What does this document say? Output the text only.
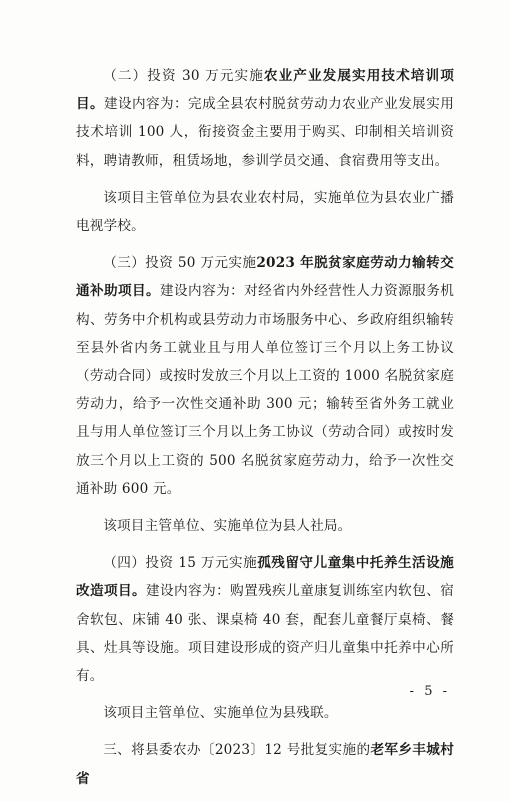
（二）投资 30 万元实施农业产业发展实用技术培训项目。建设内容为：完成全县农村脱贫劳动力农业产业发展实用技术培训 100 人，衔接资金主要用于购买、印制相关培训资料，聘请教师，租赁场地，参训学员交通、食宿费用等支出。

该项目主管单位为县农业农村局，实施单位为县农业广播电视学校。

（三）投资 50 万元实施2023 年脱贫家庭劳动力输转交通补助项目。建设内容为：对经省内外经营性人力资源服务机构、劳务中介机构或县劳动力市场服务中心、乡政府组织输转至县外省内务工就业且与用人单位签订三个月以上务工协议（劳动合同）或按时发放三个月以上工资的 1000 名脱贫家庭劳动力，给予一次性交通补助 300 元；输转至省外务工就业且与用人单位签订三个月以上务工协议（劳动合同）或按时发放三个月以上工资的 500 名脱贫家庭劳动力，给予一次性交通补助 600 元。

该项目主管单位、实施单位为县人社局。

（四）投资 15 万元实施孤残留守儿童集中托养生活设施改造项目。建设内容为：购置残疾儿童康复训练室内软包、宿舍软包、床铺 40 张、课桌椅 40 套，配套儿童餐厅桌椅、餐具、灶具等设施。项目建设形成的资产归儿童集中托养中心所有。

该项目主管单位、实施单位为县残联。

三、将县委农办〔2023〕12 号批复实施的老军乡丰城村省

- 5 -
